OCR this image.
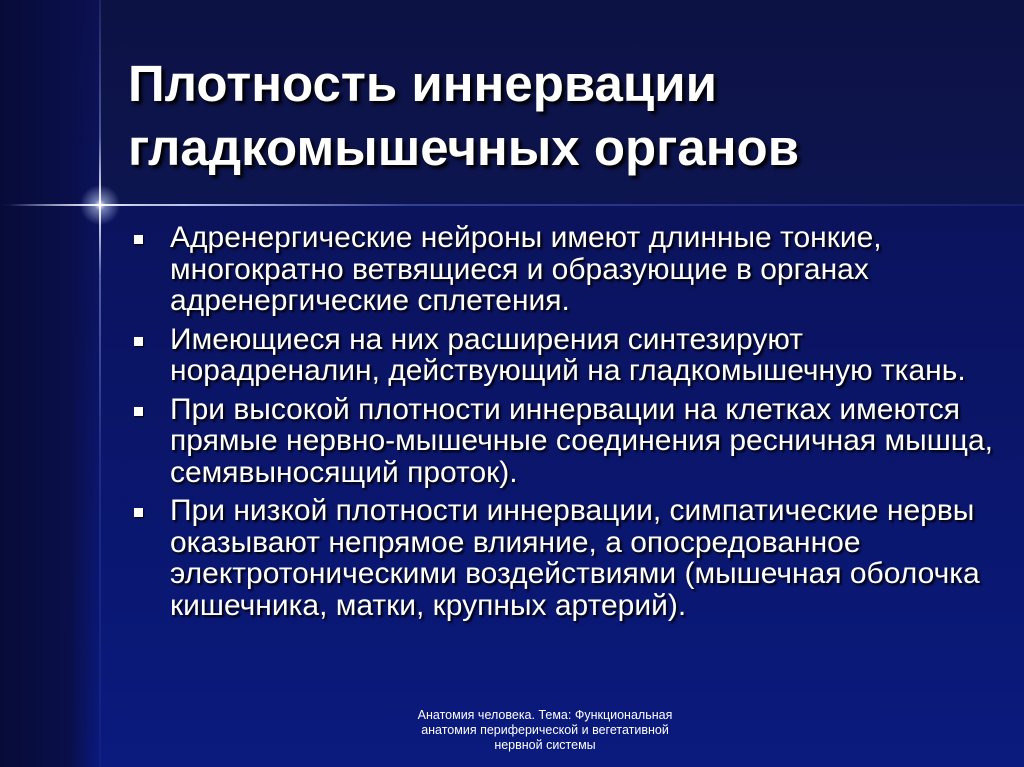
Плотность иннервации гладкомышечных органов
Адренергические нейроны имеют длинные тонкие, многократно ветвящиеся и образующие в органах адренергические сплетения.
Имеющиеся на них расширения синтезируют норадреналин, действующий на гладкомышечную ткань.
При высокой плотности иннервации на клетках имеются прямые нервно-мышечные соединения ресничная мышца, семявыносящий проток).
При низкой плотности иннервации, симпатические нервы оказывают непрямое влияние, а опосредованное электротоническими воздействиями (мышечная оболочка кишечника, матки, крупных артерий).
Анатомия человека. Тема: Функциональная
анатомия периферической и вегетативной
нервной системы
